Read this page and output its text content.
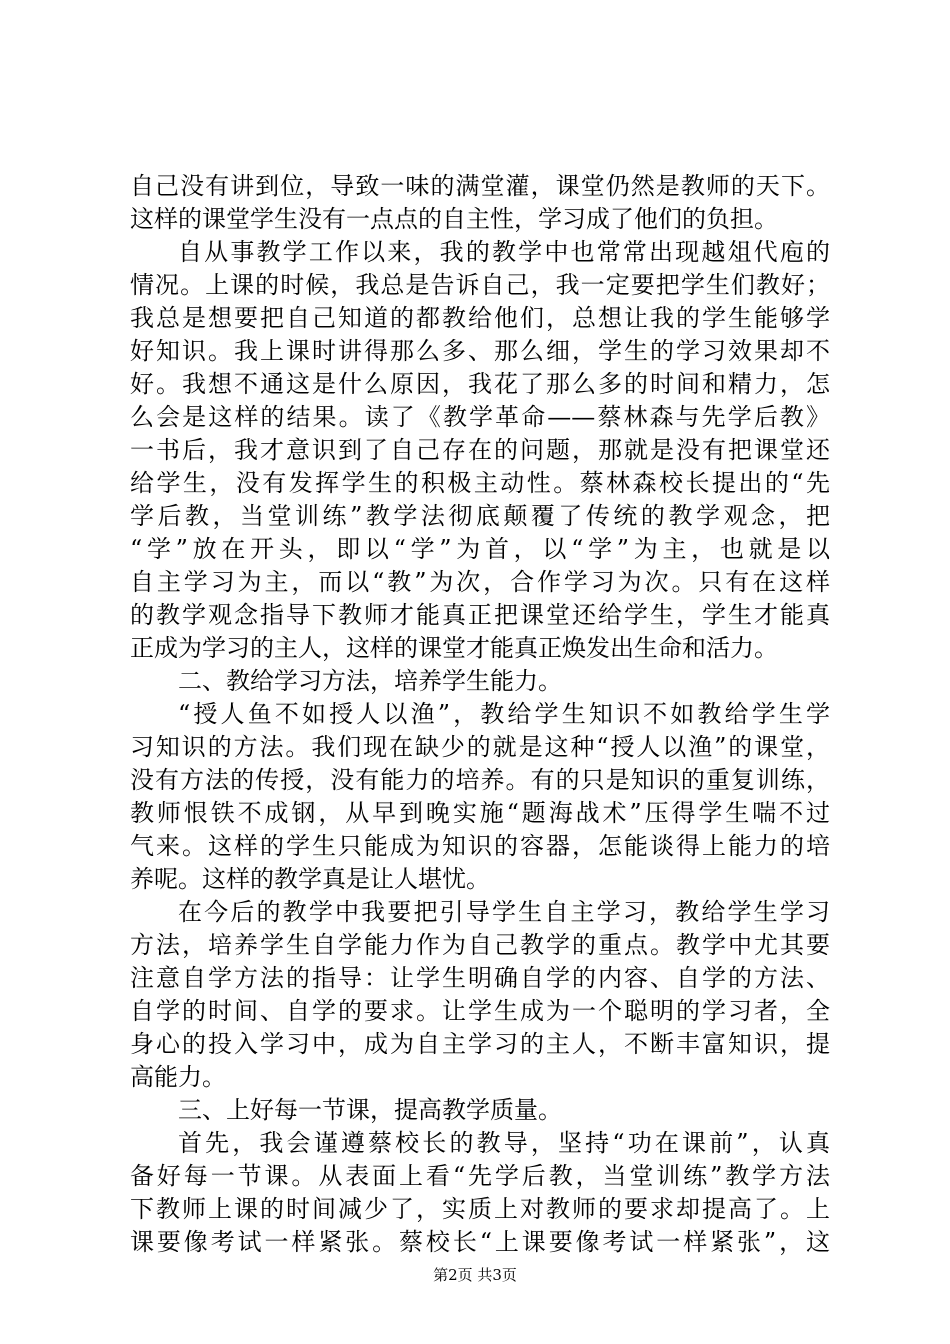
自己没有讲到位，导致一味的满堂灌，课堂仍然是教师的天下。
这样的课堂学生没有一点点的自主性，学习成了他们的负担。
自从事教学工作以来，我的教学中也常常出现越俎代庖的
情况。上课的时候，我总是告诉自己，我一定要把学生们教好；
我总是想要把自己知道的都教给他们，总想让我的学生能够学
好知识。我上课时讲得那么多、那么细，学生的学习效果却不
好。我想不通这是什么原因，我花了那么多的时间和精力，怎
么会是这样的结果。读了《教学革命——蔡林森与先学后教》
一书后，我才意识到了自己存在的问题，那就是没有把课堂还
给学生，没有发挥学生的积极主动性。蔡林森校长提出的“先
学后教，当堂训练”教学法彻底颠覆了传统的教学观念，把
“学”放在开头，即以“学”为首，以“学”为主，也就是以
自主学习为主，而以“教”为次，合作学习为次。只有在这样
的教学观念指导下教师才能真正把课堂还给学生，学生才能真
正成为学习的主人，这样的课堂才能真正焕发出生命和活力。
二、教给学习方法，培养学生能力。
“授人鱼不如授人以渔”，教给学生知识不如教给学生学
习知识的方法。我们现在缺少的就是这种“授人以渔”的课堂，
没有方法的传授，没有能力的培养。有的只是知识的重复训练，
教师恨铁不成钢，从早到晚实施“题海战术”压得学生喘不过
气来。这样的学生只能成为知识的容器，怎能谈得上能力的培
养呢。这样的教学真是让人堪忧。
在今后的教学中我要把引导学生自主学习，教给学生学习
方法，培养学生自学能力作为自己教学的重点。教学中尤其要
注意自学方法的指导：让学生明确自学的内容、自学的方法、
自学的时间、自学的要求。让学生成为一个聪明的学习者，全
身心的投入学习中，成为自主学习的主人，不断丰富知识，提
高能力。
三、上好每一节课，提高教学质量。
首先，我会谨遵蔡校长的教导，坚持“功在课前”，认真
备好每一节课。从表面上看“先学后教，当堂训练”教学方法
下教师上课的时间减少了，实质上对教师的要求却提高了。上
课要像考试一样紧张。蔡校长“上课要像考试一样紧张”，这
第2页 共3页
